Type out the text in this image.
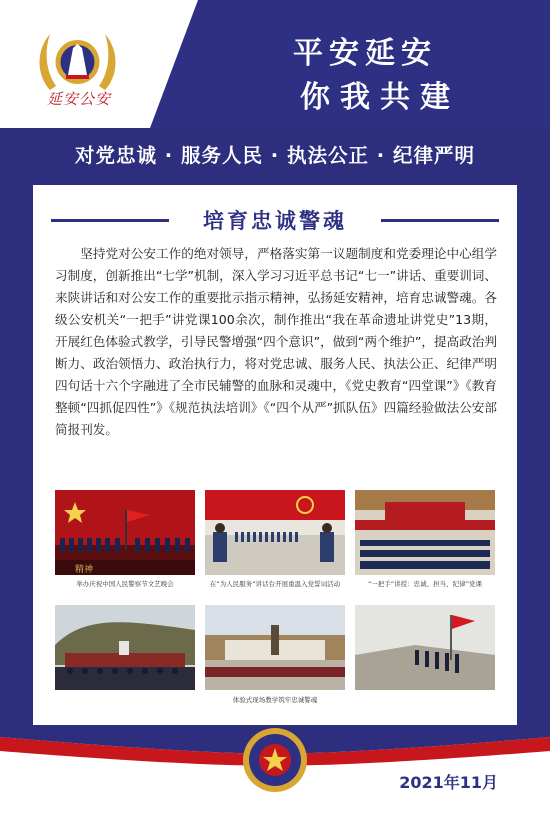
延安公安
平安延安
你我共建
对党忠诚 · 服务人民 · 执法公正 · 纪律严明
培育忠诚警魂

坚持党对公安工作的绝对领导，严格落实第一议题制度和党委理论中心组学习制度，创新推出“七学”机制，深入学习习近平总书记“七一”讲话、重要训词、来陕讲话和对公安工作的重要批示指示精神，弘扬延安精神，培育忠诚警魂。各级公安机关“一把手”讲党课100余次，制作推出“我在革命遗址讲党史”13期，开展红色体验式教学，引导民警增强“四个意识”，做到“两个维护”，提高政治判断力、政治领悟力、政治执行力，将对党忠诚、服务人民、执法公正、纪律严明四句话十六个字融进了全市民辅警的血脉和灵魂中，《党史教育“四堂课”》《教育整顿“四抓促四性”》《规范执法培训》《“四个从严”抓队伍》四篇经验做法公安部简报刊发。

精神
举办庆祝中国人民警察节文艺晚会	在“为人民服务”讲话台开展重温入党誓词活动	“一把手”讲授：忠诚、担当、纪律”党课
体验式现场教学筑牢忠诚警魂
2021年11月
